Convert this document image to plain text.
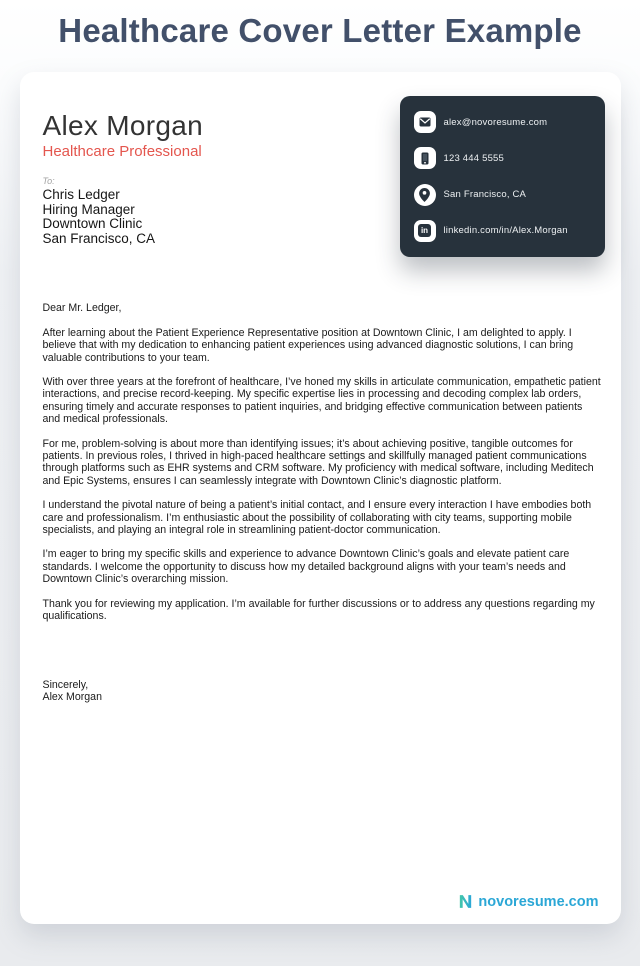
Healthcare Cover Letter Example
Alex Morgan
Healthcare Professional
To:
Chris Ledger
Hiring Manager
Downtown Clinic
San Francisco, CA
alex@novoresume.com
123 444 5555
San Francisco, CA
in	linkedin.com/in/Alex.Morgan
Dear Mr. Ledger,

After learning about the Patient Experience Representative position at Downtown Clinic, I am delighted to apply. I believe that with my dedication to enhancing patient experiences using advanced diagnostic solutions, I can bring valuable contributions to your team.

With over three years at the forefront of healthcare, I’ve honed my skills in articulate communication, empathetic patient interactions, and precise record-keeping. My specific expertise lies in processing and decoding complex lab orders, ensuring timely and accurate responses to patient inquiries, and bridging effective communication between patients and medical professionals.

For me, problem-solving is about more than identifying issues; it’s about achieving positive, tangible outcomes for patients. In previous roles, I thrived in high-paced healthcare settings and skillfully managed patient communications through platforms such as EHR systems and CRM software. My proficiency with medical software, including Meditech and Epic Systems, ensures I can seamlessly integrate with Downtown Clinic’s diagnostic platform.

I understand the pivotal nature of being a patient’s initial contact, and I ensure every interaction I have embodies both care and professionalism. I’m enthusiastic about the possibility of collaborating with city teams, supporting mobile specialists, and playing an integral role in streamlining patient-doctor communication.

I’m eager to bring my specific skills and experience to advance Downtown Clinic’s goals and elevate patient care standards. I welcome the opportunity to discuss how my detailed background aligns with your team’s needs and Downtown Clinic’s overarching mission.

Thank you for reviewing my application. I’m available for further discussions or to address any questions regarding my qualifications.

Sincerely,
Alex Morgan
novoresume.com
